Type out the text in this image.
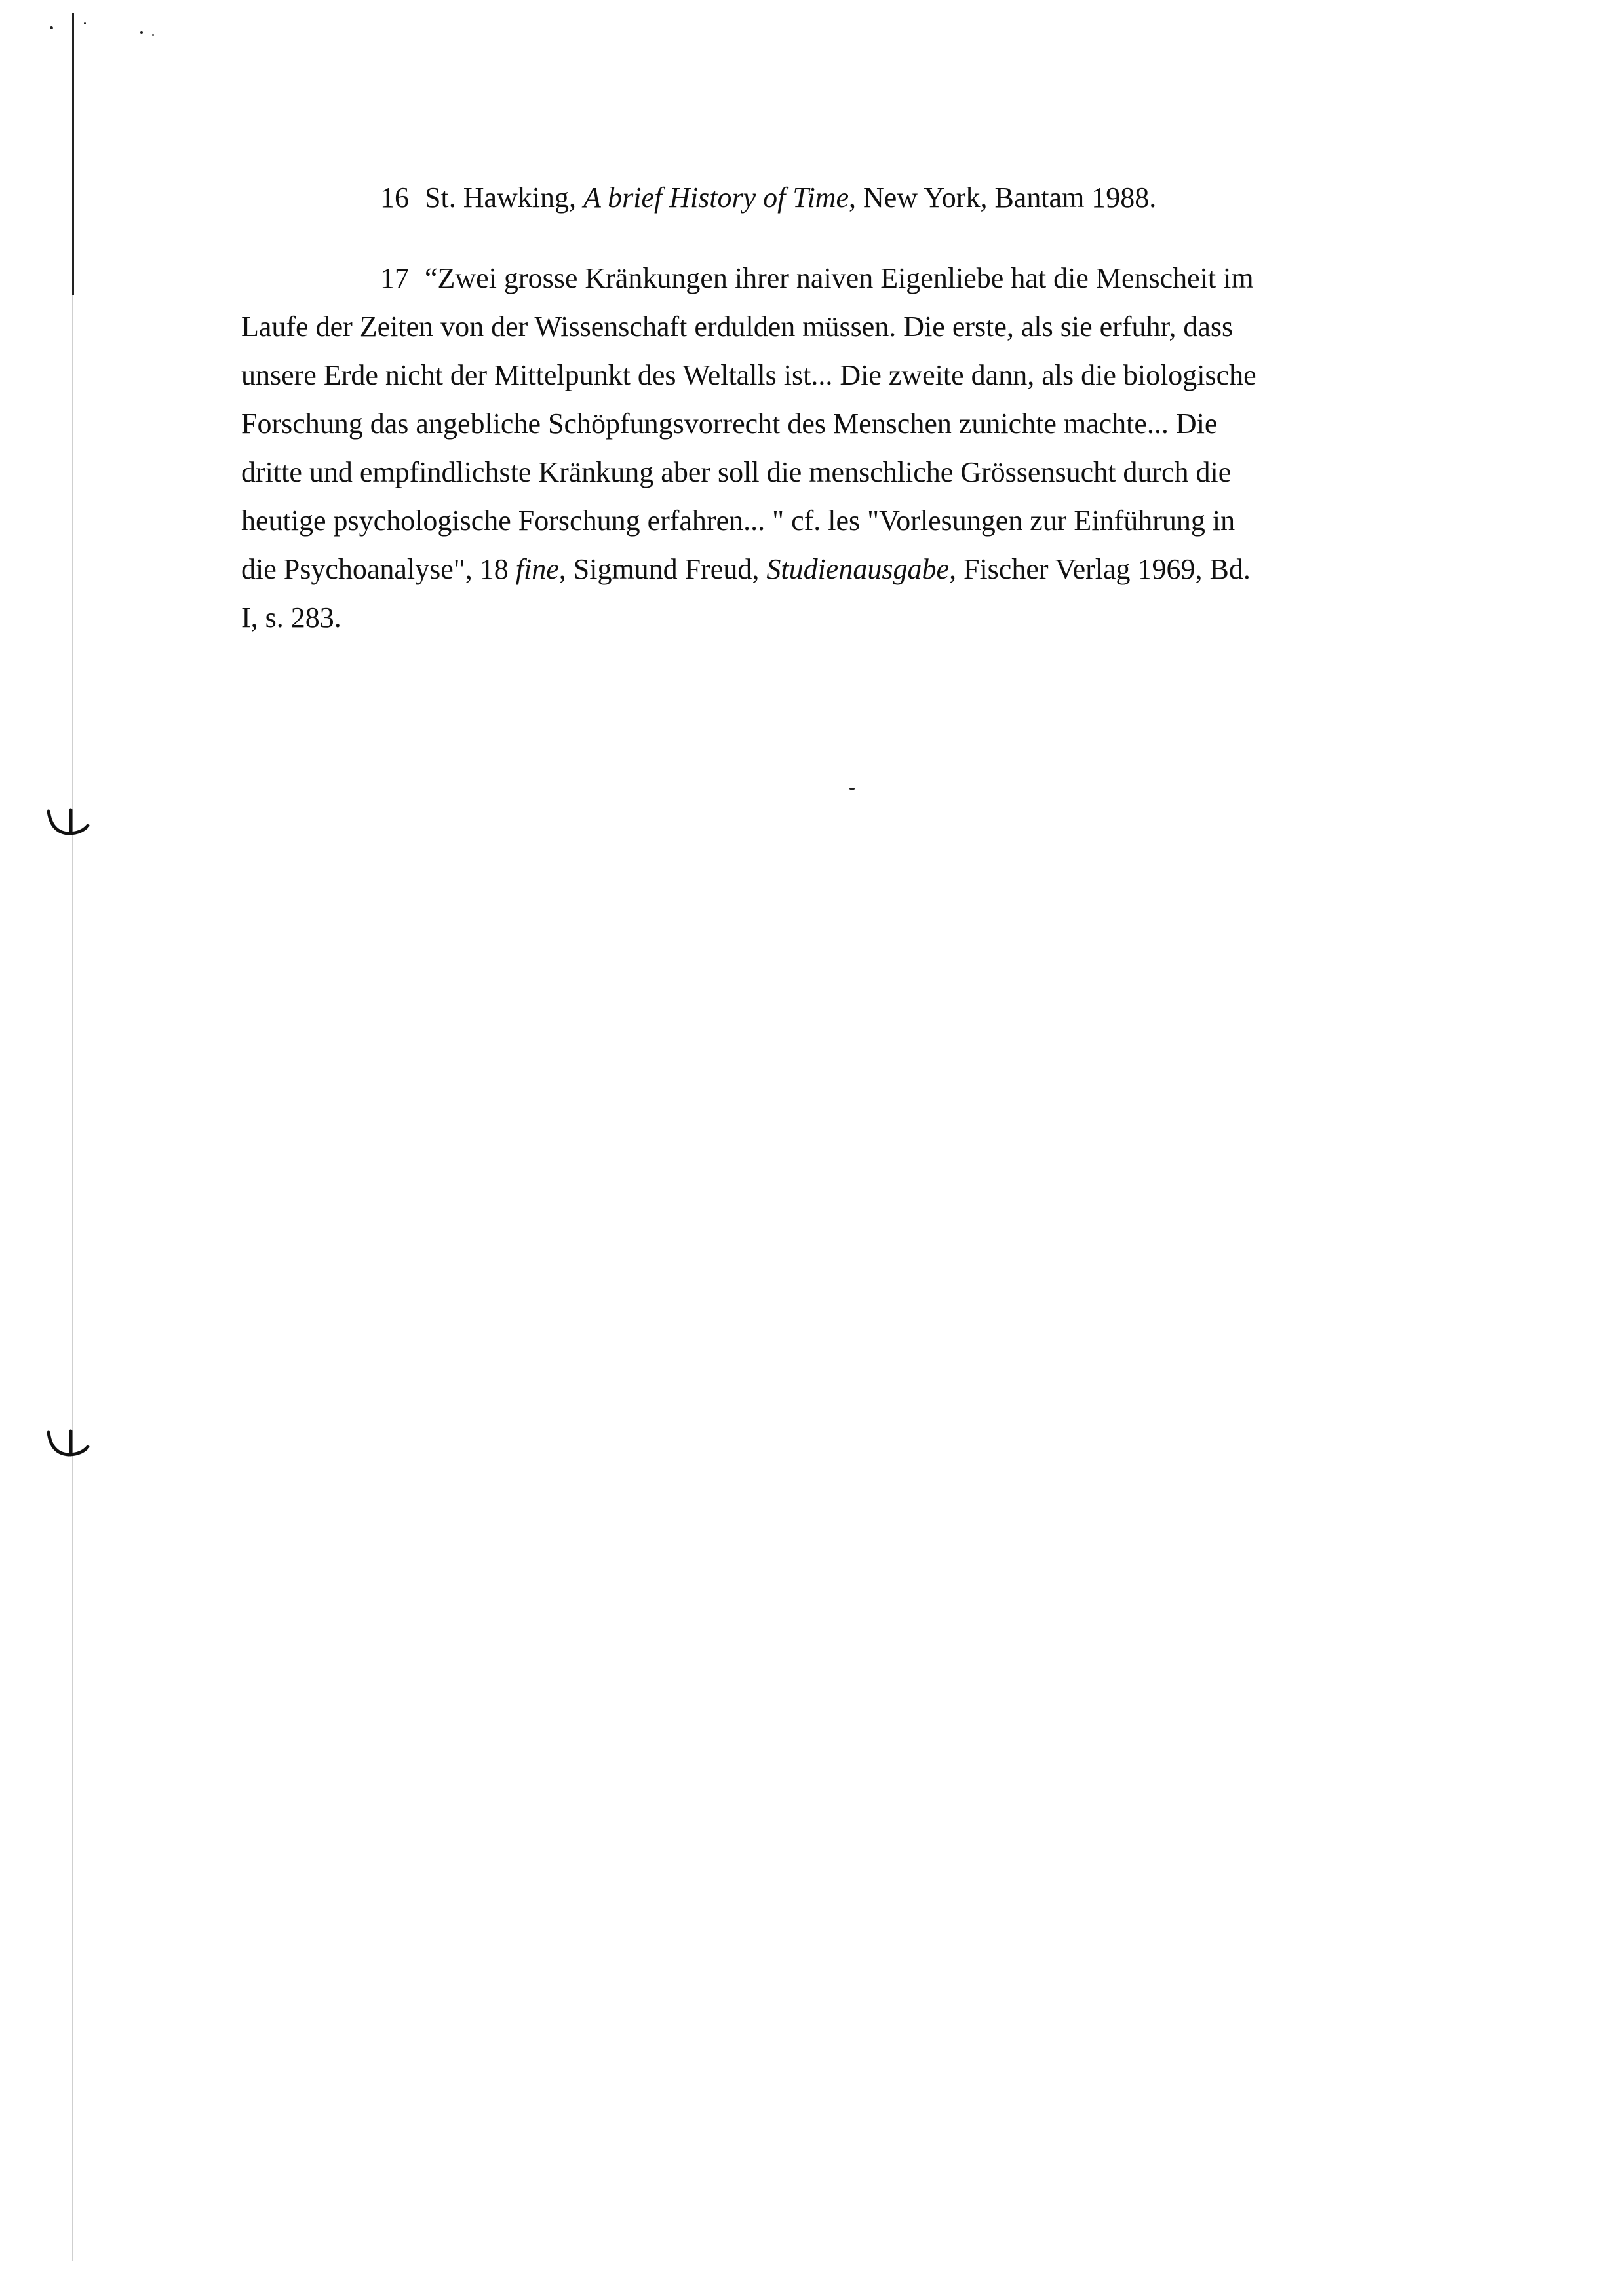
16 St. Hawking, A brief History of Time, New York, Bantam 1988.
17 “Zwei grosse Kränkungen ihrer naiven Eigenliebe hat die Menscheit im
Laufe der Zeiten von der Wissenschaft erdulden müssen. Die erste, als sie erfuhr, dass
unsere Erde nicht der Mittelpunkt des Weltalls ist... Die zweite dann, als die biologische
Forschung das angebliche Schöpfungsvorrecht des Menschen zunichte machte... Die
dritte und empfindlichste Kränkung aber soll die menschliche Grössensucht durch die
heutige psychologische Forschung erfahren... " cf. les "Vorlesungen zur Einführung in
die Psychoanalyse", 18 fine, Sigmund Freud, Studienausgabe, Fischer Verlag 1969, Bd.
I, s. 283.
